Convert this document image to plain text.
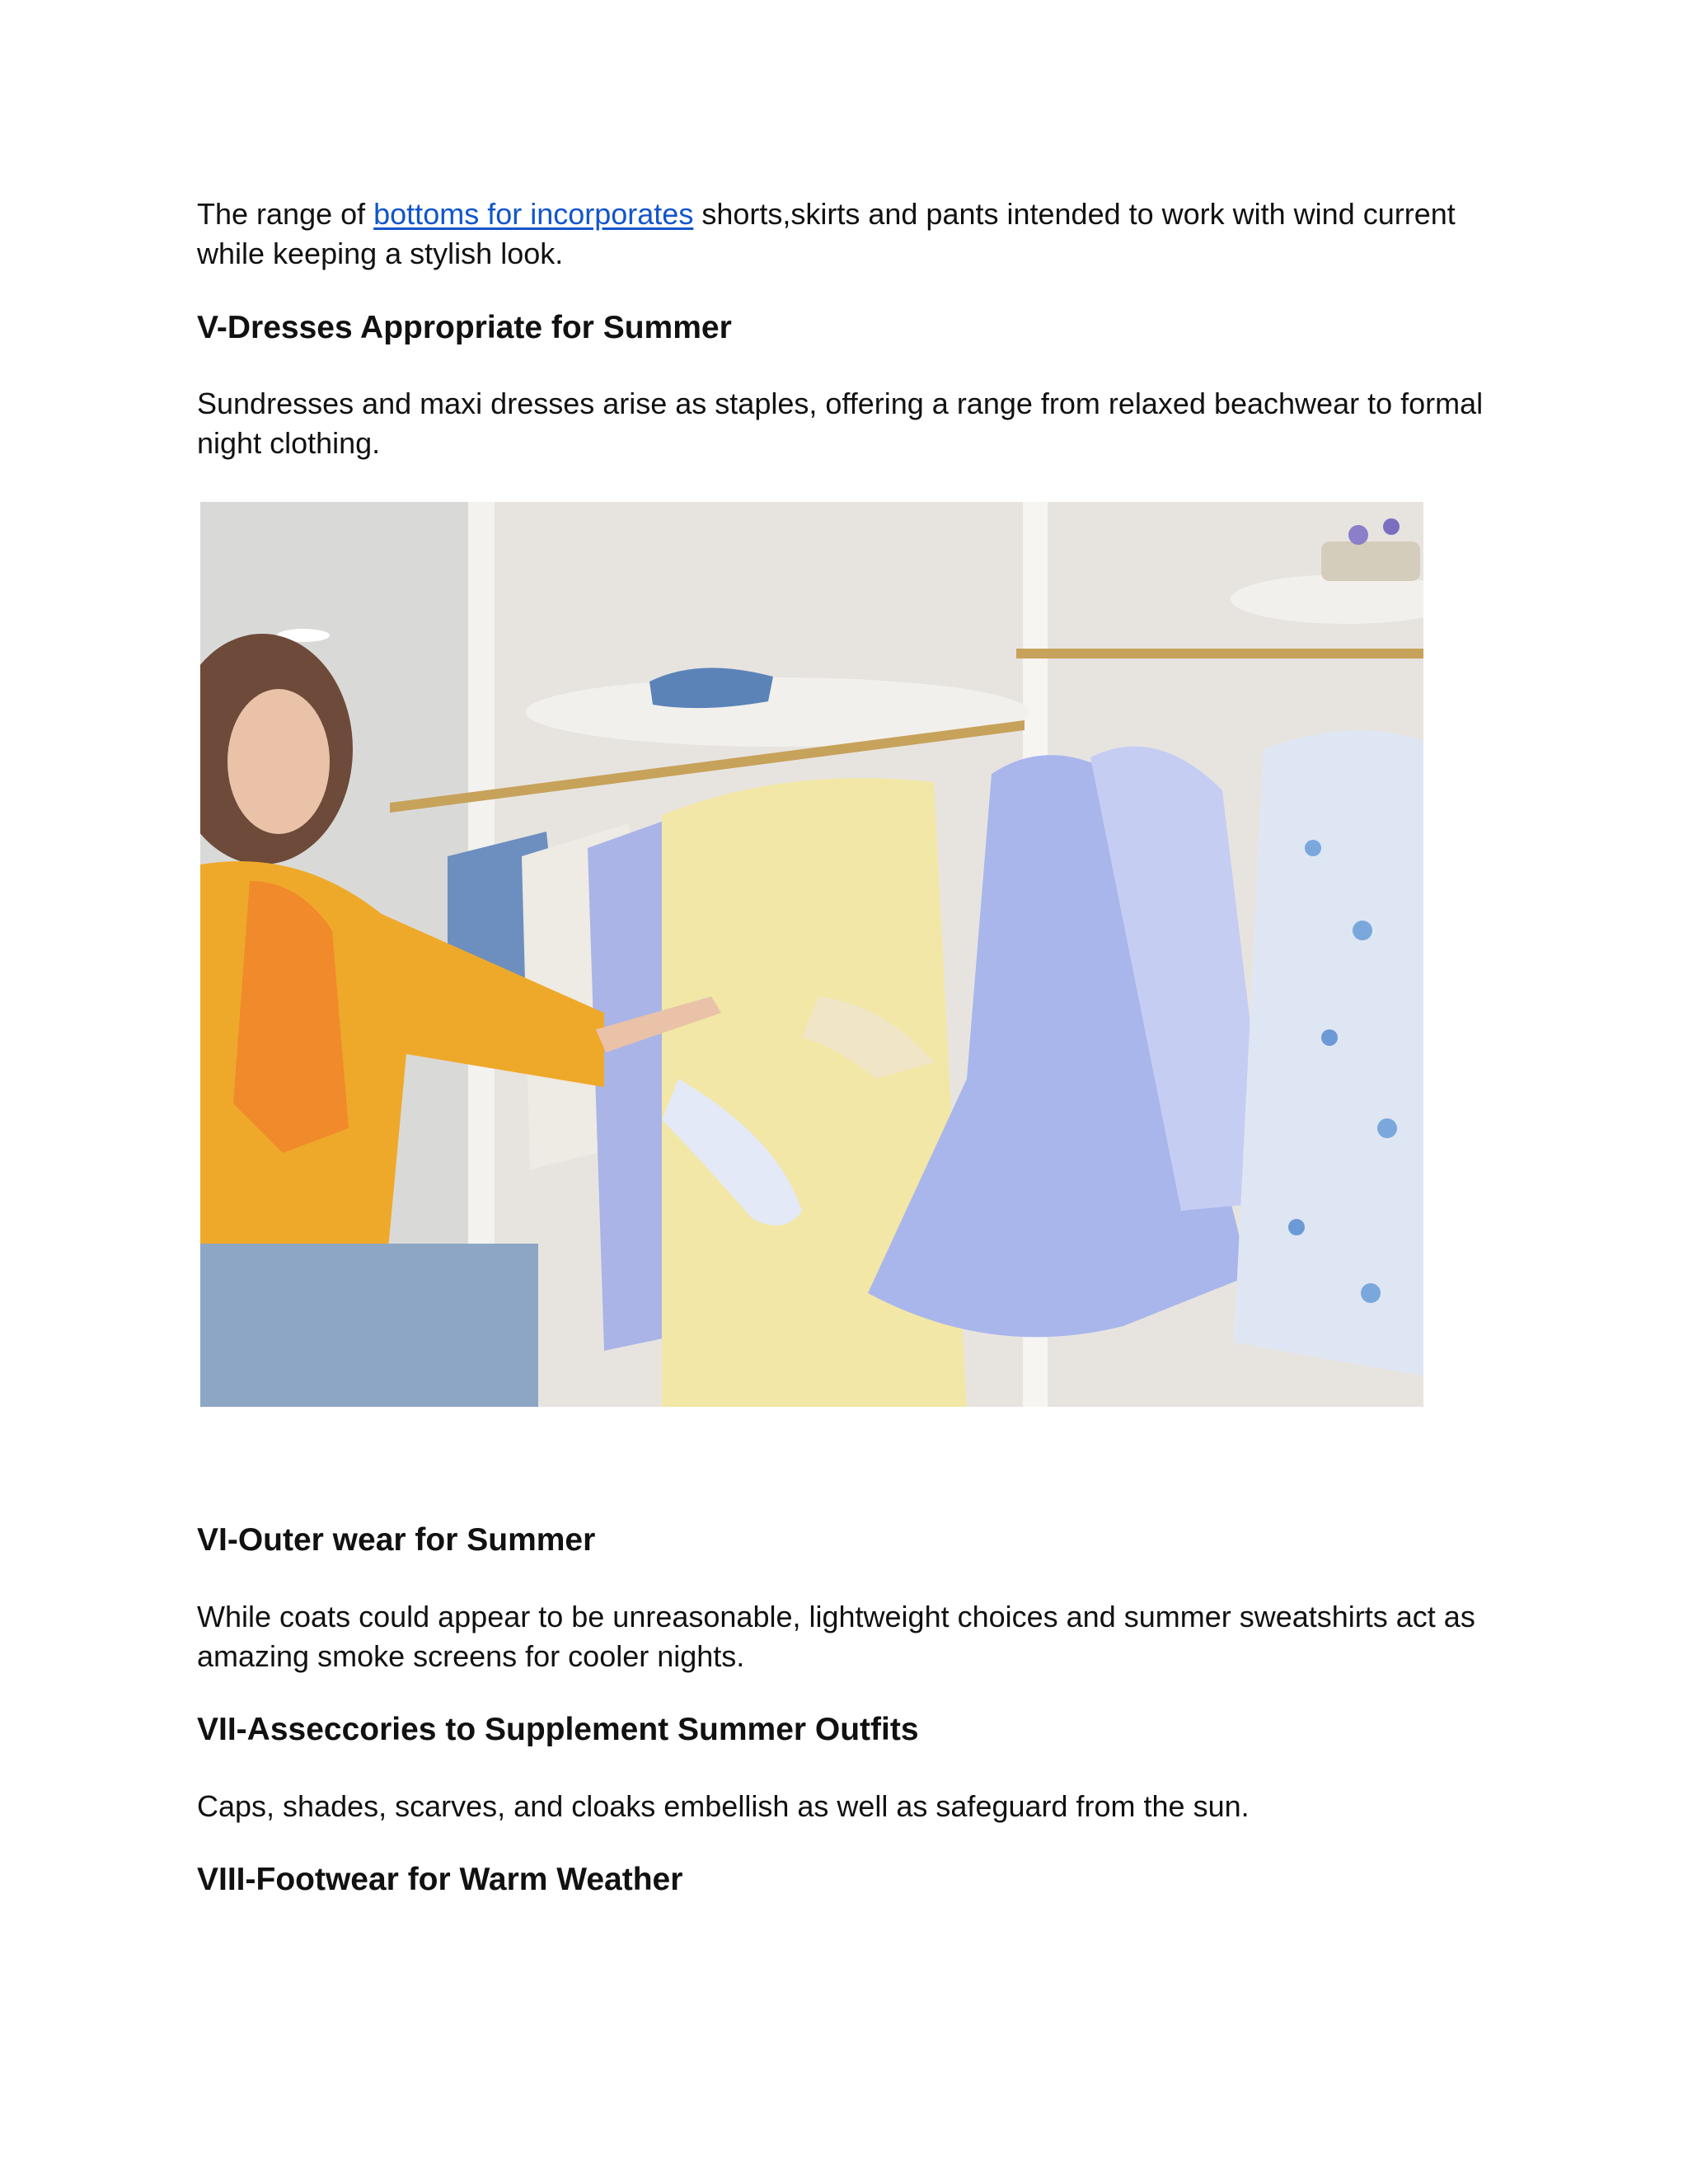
The range of bottoms for incorporates shorts,skirts and pants intended to work with wind current while keeping a stylish look.

V-Dresses Appropriate for Summer

Sundresses and maxi dresses arise as staples, offering a range from relaxed beachwear to formal night clothing.

VI-Outer wear for Summer

While coats could appear to be unreasonable, lightweight choices and summer sweatshirts act as amazing smoke screens for cooler nights.

VII-Asseccories to Supplement Summer Outfits

Caps, shades, scarves, and cloaks embellish as well as safeguard from the sun.

VIII-Footwear for Warm Weather
